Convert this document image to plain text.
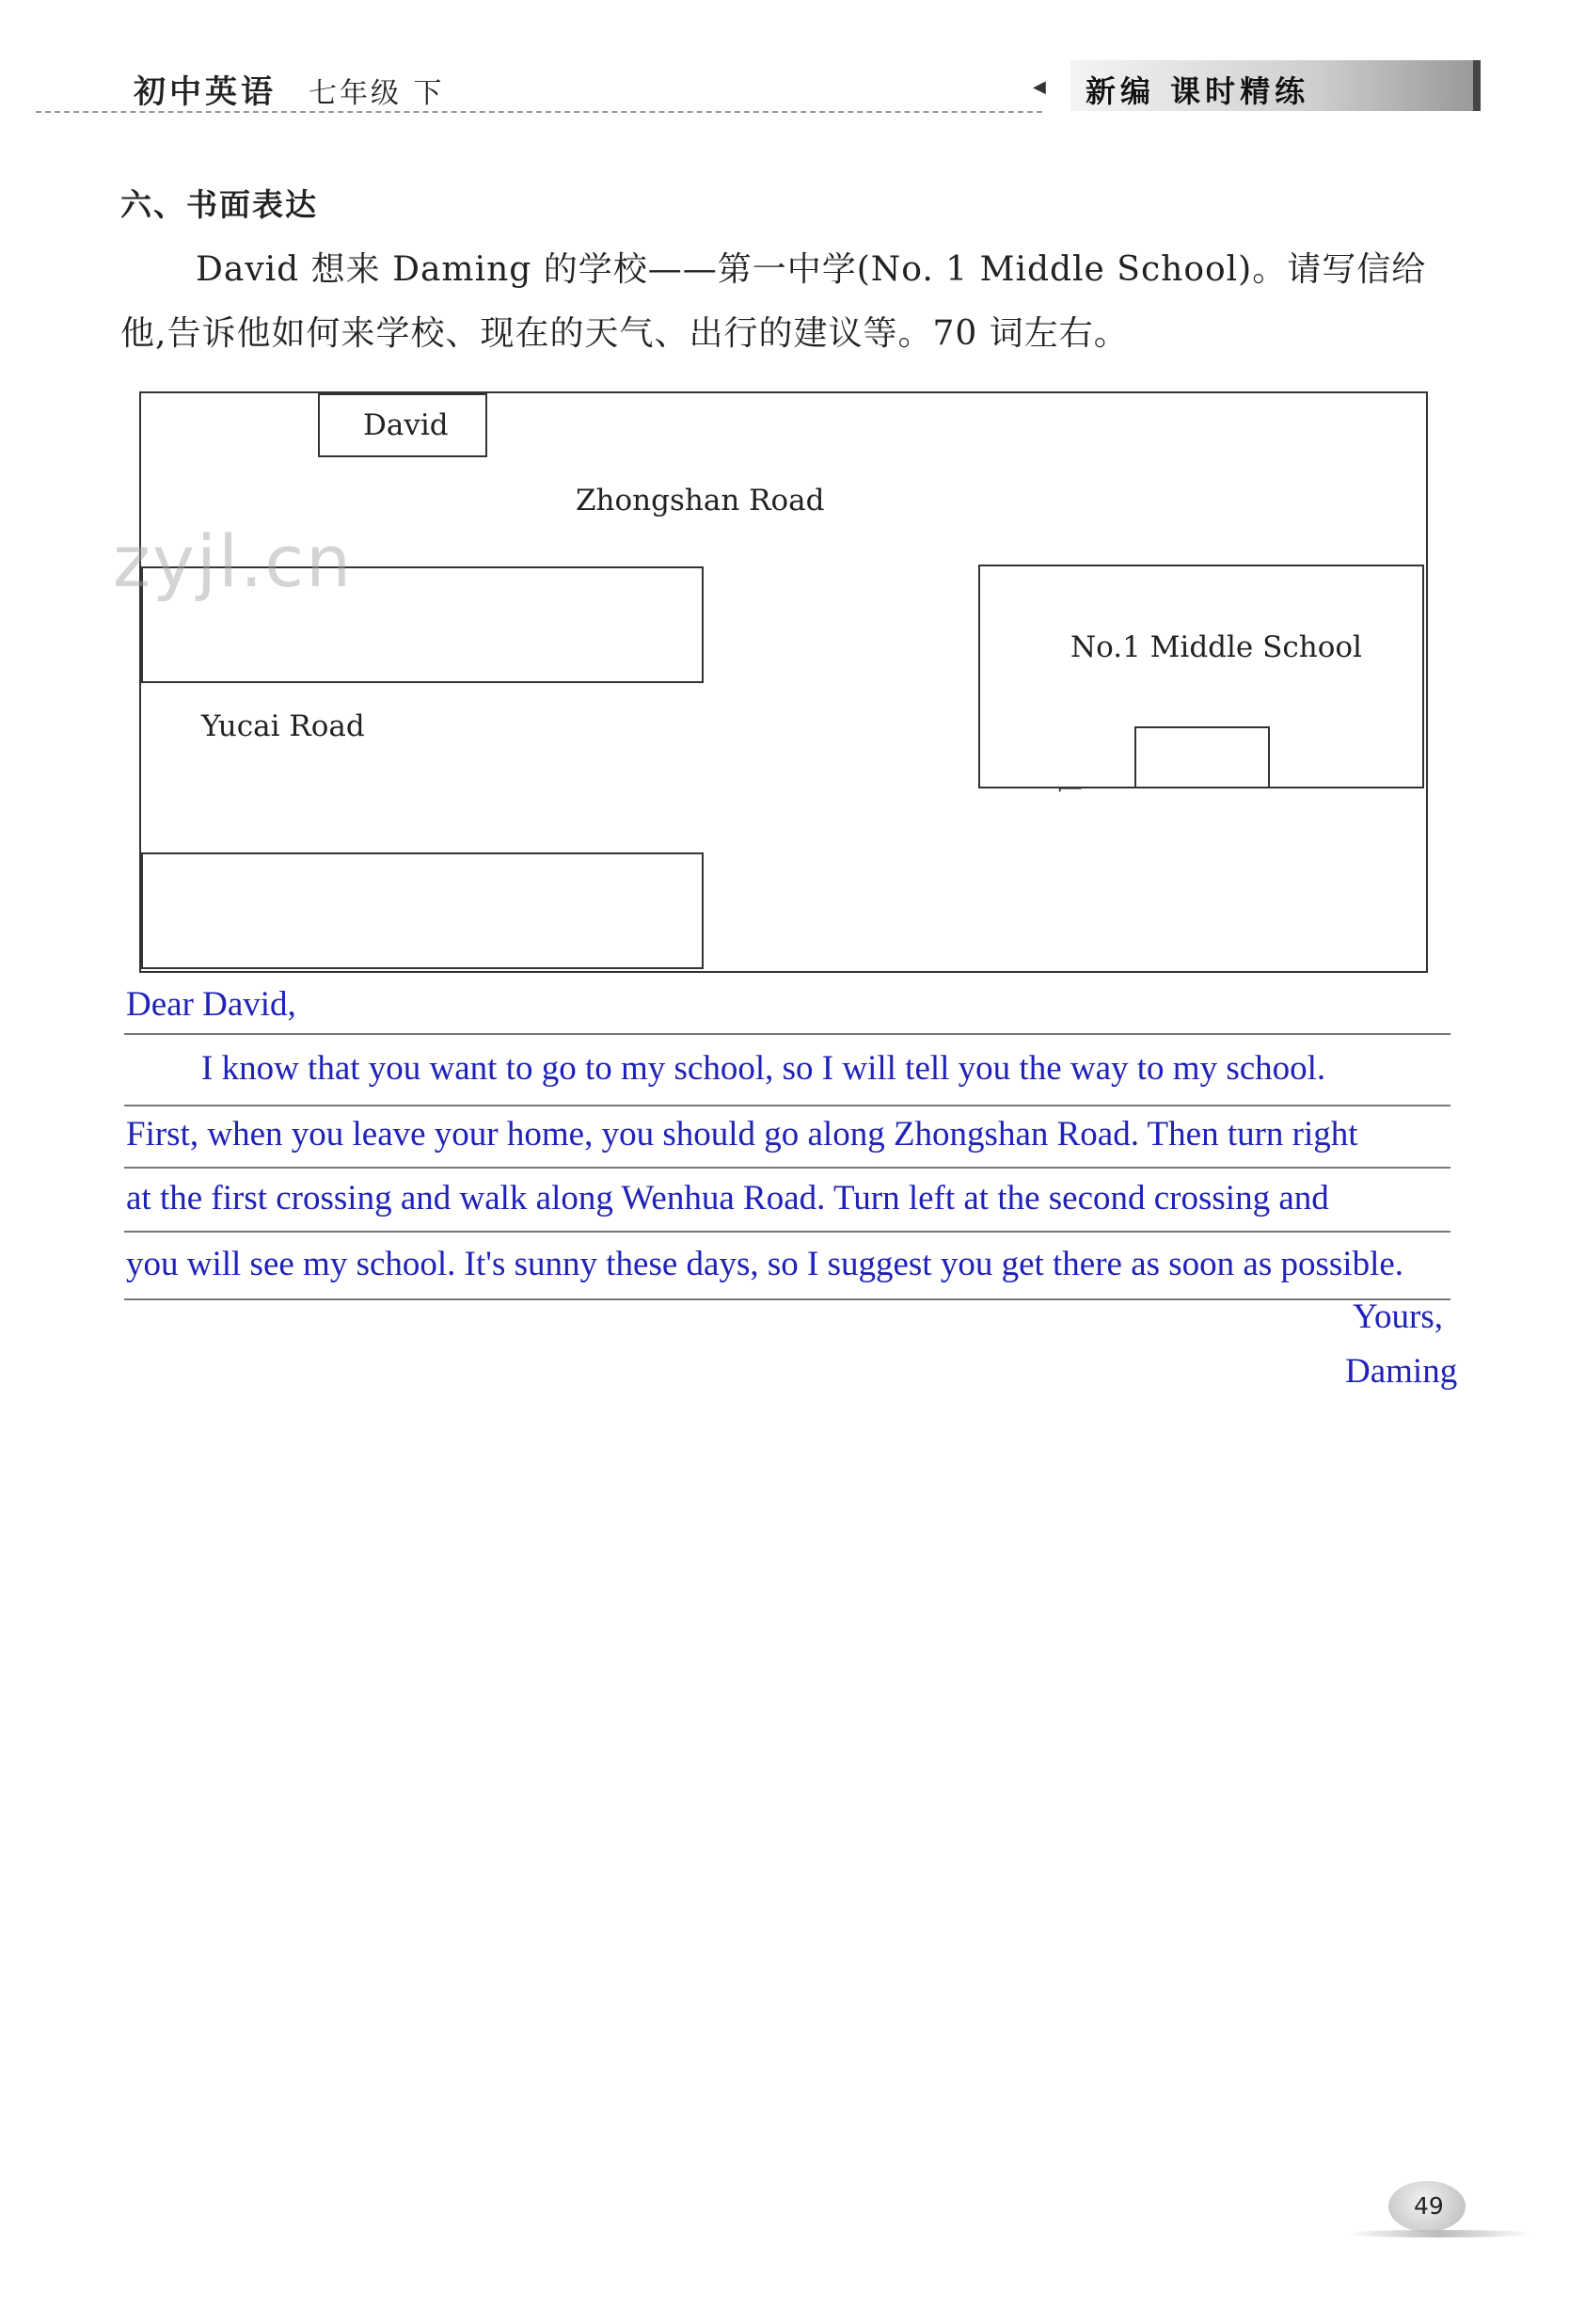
初中英语 七年级 下	◀ 新编 课时精练
六、书面表达
David 想来 Daming 的学校——第一中学(No. 1 Middle School)。请写信给
他,告诉他如何来学校、现在的天气、出行的建议等。70 词左右。
David
Zhongshan Road
Yucai Road
No.1 Middle School
zyjl.cn
Dear David,
I know that you want to go to my school, so I will tell you the way to my school.
First, when you leave your home, you should go along Zhongshan Road. Then turn right
at the first crossing and walk along Wenhua Road. Turn left at the second crossing and
you will see my school. It's sunny these days, so I suggest you get there as soon as possible.
Yours,
Daming
49
